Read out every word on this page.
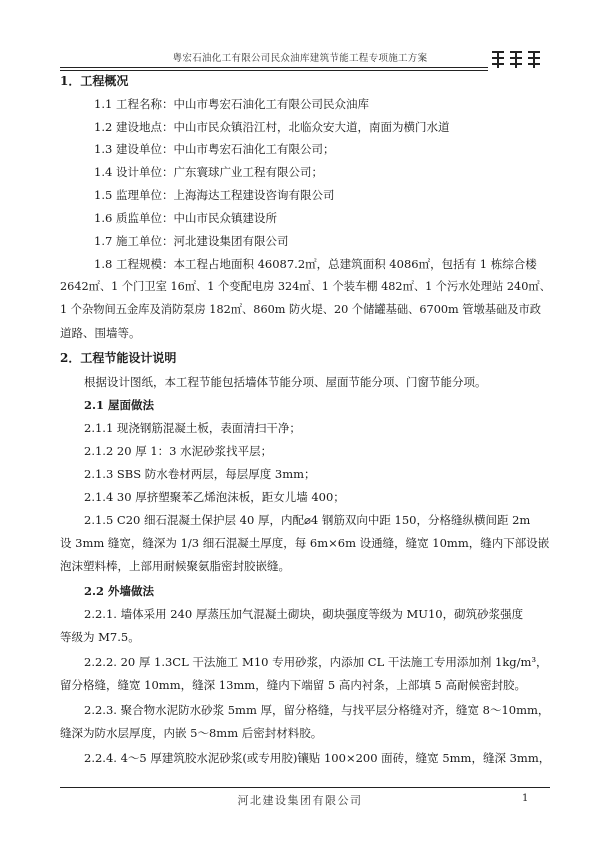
粤宏石油化工有限公司民众油库建筑节能工程专项施工方案
1．工程概况
1.1 工程名称：中山市粤宏石油化工有限公司民众油库
1.2 建设地点：中山市民众镇沿江村，北临众安大道，南面为横门水道
1.3 建设单位：中山市粤宏石油化工有限公司；
1.4 设计单位：广东寰球广业工程有限公司；
1.5 监理单位：上海海达工程建设咨询有限公司
1.6 质监单位：中山市民众镇建设所
1.7 施工单位：河北建设集团有限公司
1.8 工程规模：本工程占地面积 46087.2㎡，总建筑面积 4086㎡，包括有 1 栋综合楼
2642㎡、1 个门卫室 16㎡、1 个变配电房 324㎡、1 个装车棚 482㎡、1 个污水处理站 240㎡、
1 个杂物间五金库及消防泵房 182㎡、860m 防火堤、20 个储罐基础、6700m 管墩基础及市政
道路、围墙等。
2．工程节能设计说明
根据设计图纸，本工程节能包括墙体节能分项、屋面节能分项、门窗节能分项。
2.1 屋面做法
2.1.1 现浇钢筋混凝土板，表面清扫干净；
2.1.2 20 厚 1：3 水泥砂浆找平层；
2.1.3 SBS 防水卷材两层，每层厚度 3mm；
2.1.4 30 厚挤塑聚苯乙烯泡沫板，距女儿墙 400；
2.1.5 C20 细石混凝土保护层 40 厚，内配⌀4 钢筋双向中距 150，分格缝纵横间距 2m
设 3mm 缝宽，缝深为 1/3 细石混凝土厚度，每 6m×6m 设通缝，缝宽 10mm，缝内下部设嵌
泡沫塑料棒，上部用耐候聚氨脂密封胶嵌缝。
2.2 外墙做法
2.2.1. 墙体采用 240 厚蒸压加气混凝土砌块，砌块强度等级为 MU10，砌筑砂浆强度
等级为 M7.5。
2.2.2. 20 厚 1.3CL 干法施工 M10 专用砂浆，内添加 CL 干法施工专用添加剂 1kg/m³，
留分格缝，缝宽 10mm，缝深 13mm，缝内下端留 5 高内衬条，上部填 5 高耐候密封胶。
2.2.3. 聚合物水泥防水砂浆 5mm 厚，留分格缝，与找平层分格缝对齐，缝宽 8～10mm，
缝深为防水层厚度，内嵌 5～8mm 后密封材料胶。
2.2.4. 4～5 厚建筑胶水泥砂浆(或专用胶)镶贴 100×200 面砖，缝宽 5mm，缝深 3mm，
河北建设集团有限公司	1
